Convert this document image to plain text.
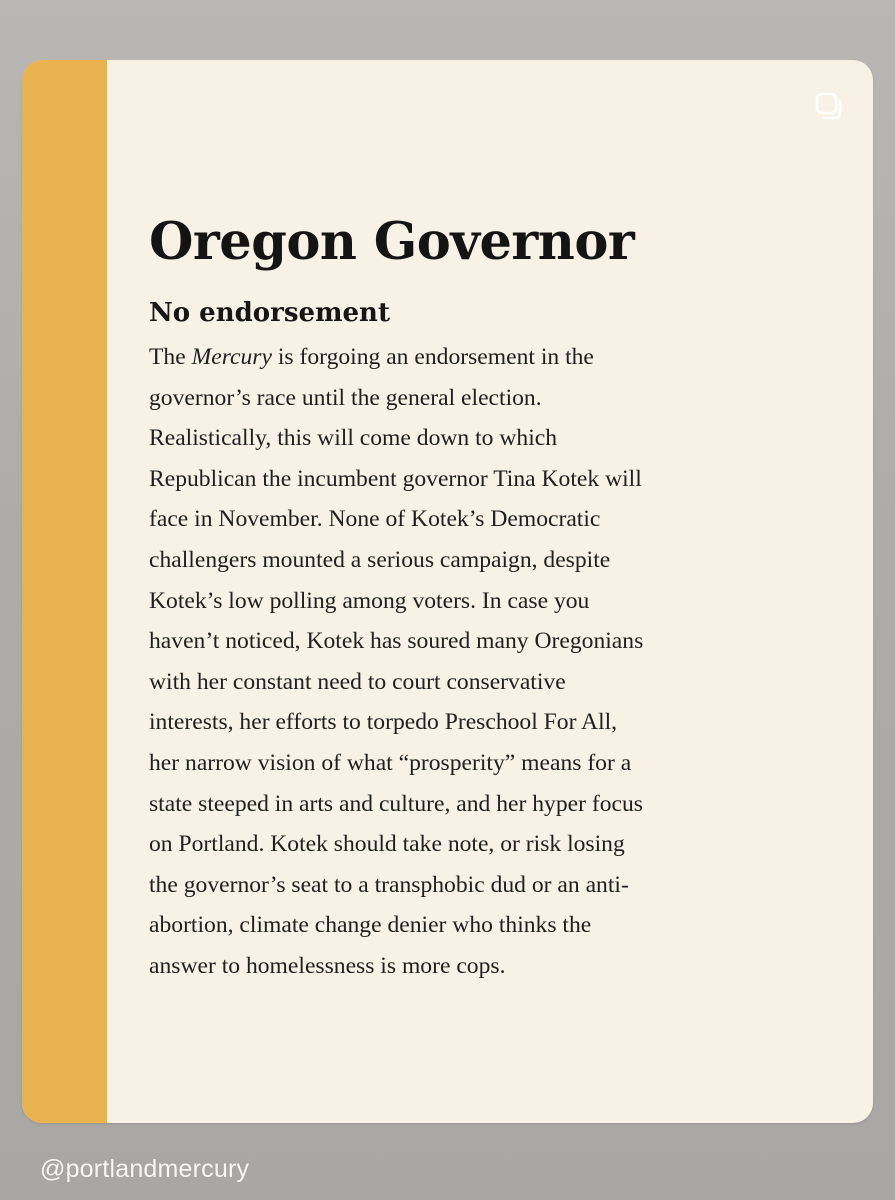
Oregon Governor
No endorsement

The Mercury is forgoing an endorsement in the
governor’s race until the general election.
Realistically, this will come down to which
Republican the incumbent governor Tina Kotek will
face in November. None of Kotek’s Democratic
challengers mounted a serious campaign, despite
Kotek’s low polling among voters. In case you
haven’t noticed, Kotek has soured many Oregonians
with her constant need to court conservative
interests, her efforts to torpedo Preschool For All,
her narrow vision of what “prosperity” means for a
state steeped in arts and culture, and her hyper focus
on Portland. Kotek should take note, or risk losing
the governor’s seat to a transphobic dud or an anti-
abortion, climate change denier who thinks the
answer to homelessness is more cops.

@portlandmercury
